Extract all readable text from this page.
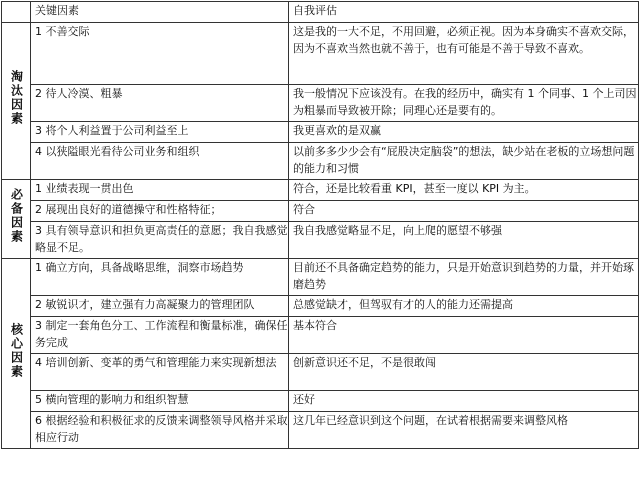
	关键因素	自我评估
淘汰因素	1 不善交际	这是我的一大不足，不用回避，必须正视。因为本身确实不喜欢交际，因为不喜欢当然也就不善于，也有可能是不善于导致不喜欢。
	2 待人冷漠、粗暴	我一般情况下应该没有。在我的经历中，确实有 1 个同事、1 个上司因为粗暴而导致被开除；同理心还是要有的。
	3 将个人利益置于公司利益至上	我更喜欢的是双赢
	4 以狭隘眼光看待公司业务和组织	以前多多少少会有“屁股决定脑袋”的想法，缺少站在老板的立场想问题的能力和习惯
必备因素	1 业绩表现一贯出色	符合，还是比较看重 KPI，甚至一度以 KPI 为主。
	2 展现出良好的道德操守和性格特征；	符合
	3 具有领导意识和担负更高责任的意愿；我自我感觉略显不足。	我自我感觉略显不足，向上爬的愿望不够强
核心因素	1 确立方向，具备战略思维，洞察市场趋势	目前还不具备确定趋势的能力，只是开始意识到趋势的力量，并开始琢磨趋势
	2 敏锐识才，建立强有力高凝聚力的管理团队	总感觉缺才，但驾驭有才的人的能力还需提高
	3 制定一套角色分工、工作流程和衡量标准，确保任务完成	基本符合
	4 培训创新、变革的勇气和管理能力来实现新想法	创新意识还不足，不是很敢闯
	5 横向管理的影响力和组织智慧	还好
	6 根据经验和积极征求的反馈来调整领导风格并采取相应行动	这几年已经意识到这个问题，在试着根据需要来调整风格
